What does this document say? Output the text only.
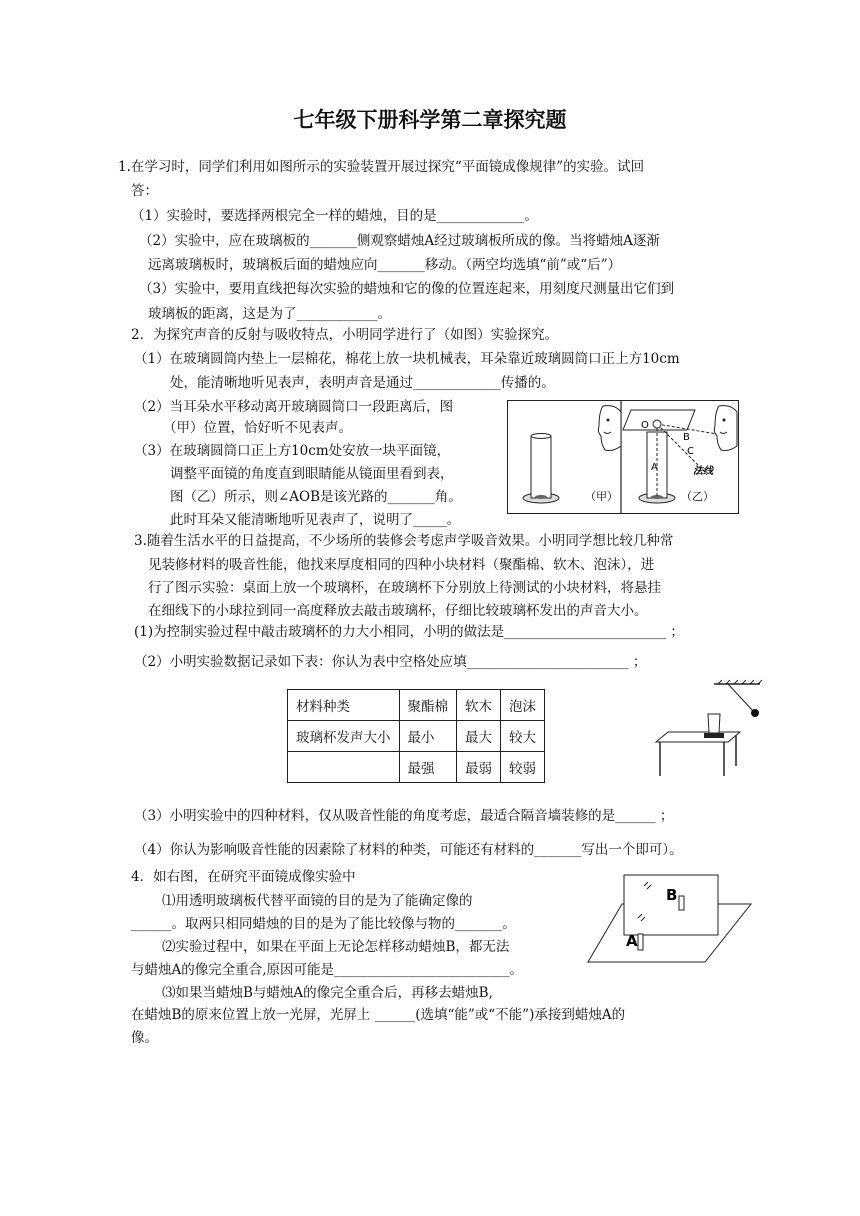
七年级下册科学第二章探究题
1.在学习时，同学们利用如图所示的实验装置开展过探究“平面镜成像规律”的实验。试回
答：
（1）实验时，要选择两根完全一样的蜡烛，目的是_____________。
（2）实验中，应在玻璃板的_______侧观察蜡烛A经过玻璃板所成的像。当将蜡烛A逐渐
远离玻璃板时，玻璃板后面的蜡烛应向_______移动。（两空均选填“前”或“后”）
（3）实验中，要用直线把每次实验的蜡烛和它的像的位置连起来，用刻度尺测量出它们到
玻璃板的距离，这是为了____________。
2．为探究声音的反射与吸收特点，小明同学进行了（如图）实验探究。
（1）在玻璃圆筒内垫上一层棉花，棉花上放一块机械表，耳朵靠近玻璃圆筒口正上方10cm
处，能清晰地听见表声，表明声音是通过_____________传播的。
（2）当耳朵水平移动离开玻璃圆筒口一段距离后，图
（甲）位置，恰好听不见表声。
（3）在玻璃圆筒口正上方10cm处安放一块平面镜，
调整平面镜的角度直到眼睛能从镜面里看到表，
图（乙）所示，则∠AOB是该光路的_______角。
此时耳朵又能清晰地听见表声了，说明了_____。
（甲）
O
A
B
C
法线
（乙）
3.随着生活水平的日益提高，不少场所的装修会考虑声学吸音效果。小明同学想比较几种常
见装修材料的吸音性能，他找来厚度相同的四种小块材料（聚酯棉、软木、泡沫），进
行了图示实验：桌面上放一个玻璃杯，在玻璃杯下分别放上待测试的小块材料，将悬挂
在细线下的小球拉到同一高度释放去敲击玻璃杯，仔细比较玻璃杯发出的声音大小。
(1)为控制实验过程中敲击玻璃杯的力大小相同，小明的做法是________________________ ；
（2）小明实验数据记录如下表：你认为表中空格处应填________________________ ；
材料种类	聚酯棉	软木	泡沫
玻璃杯发声大小	最小	最大	较大
	最强	最弱	较弱
（3）小明实验中的四种材料，仅从吸音性能的角度考虑，最适合隔音墙装修的是______ ；
（4）你认为影响吸音性能的因素除了材料的种类，可能还有材料的_______写出一个即可）。
4．如右图，在研究平面镜成像实验中
⑴用透明玻璃板代替平面镜的目的是为了能确定像的
______。取两只相同蜡烛的目的是为了能比较像与物的_______。
⑵实验过程中，如果在平面上无论怎样移动蜡烛B，都无法
与蜡烛A的像完全重合,原因可能是__________________________。
⑶如果当蜡烛B与蜡烛A的像完全重合后，再移去蜡烛B,
在蜡烛B的原来位置上放一光屏，光屏上 ______(选填“能”或“不能”)承接到蜡烛A的
像。
B
A
